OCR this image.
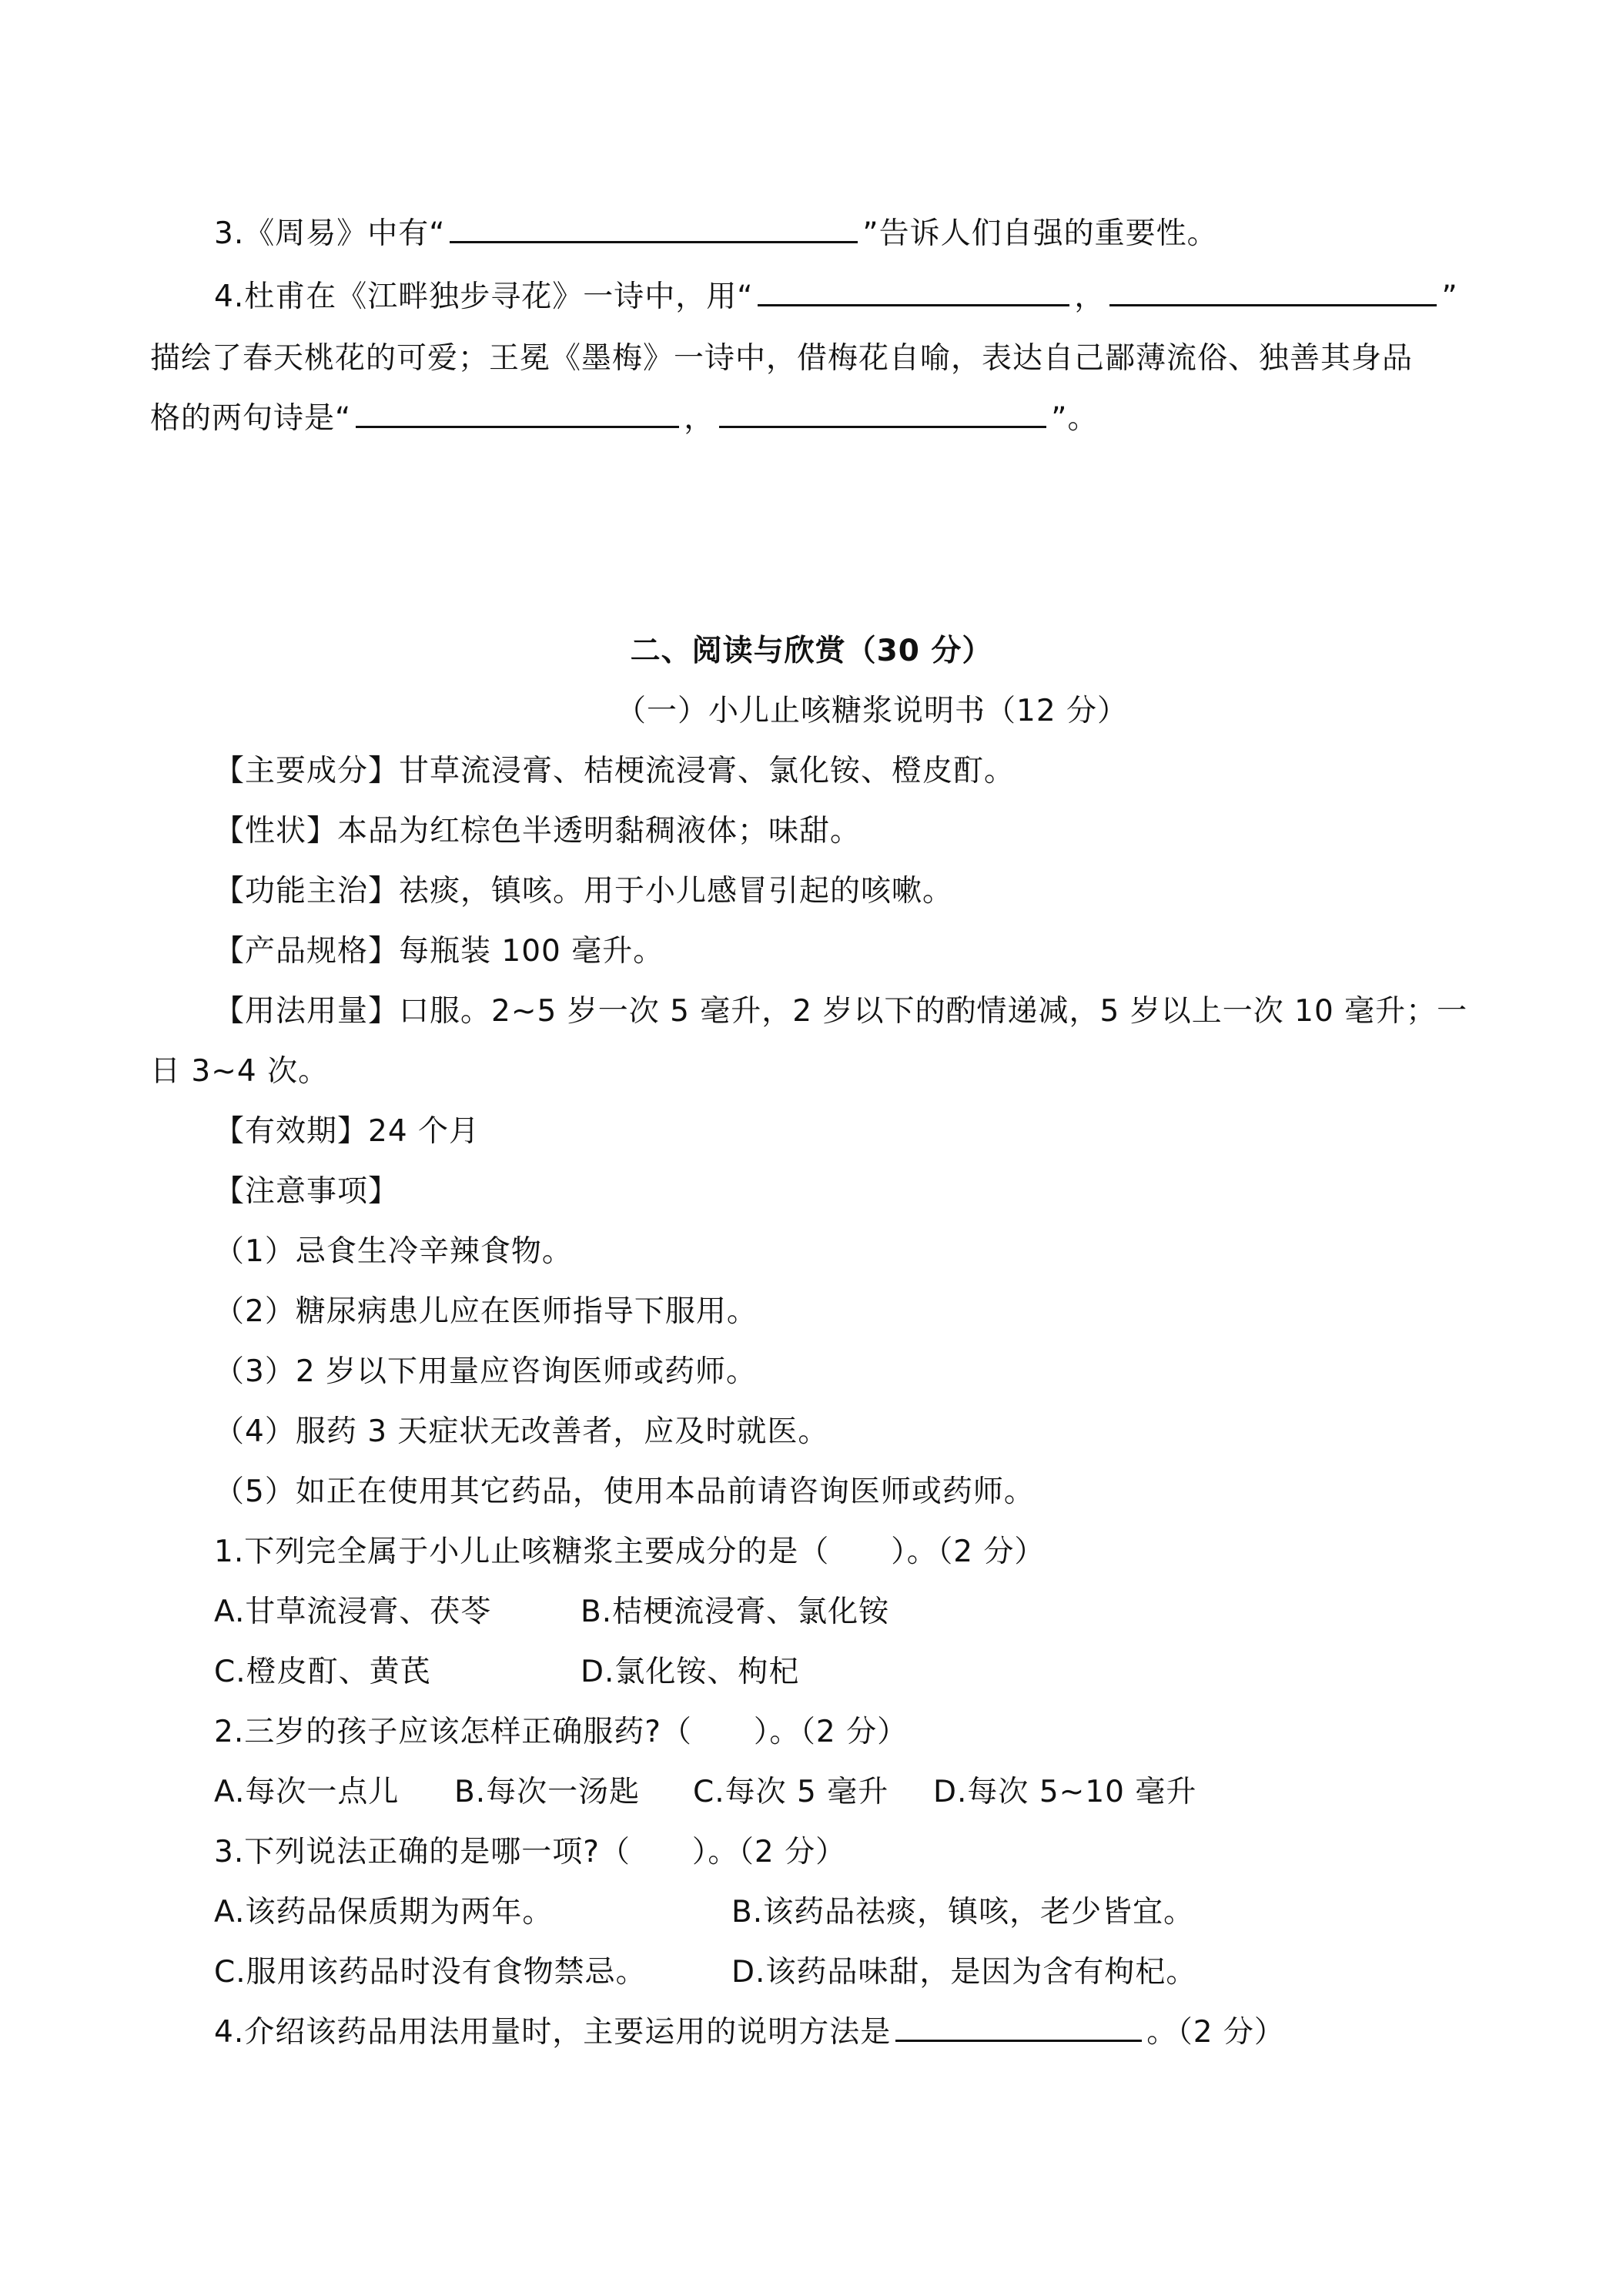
3.《周易》中有“	”告诉人们自强的重要性。
4.杜甫在《江畔独步寻花》一诗中，用“	，	”
描绘了春天桃花的可爱；王冕《墨梅》一诗中，借梅花自喻，表达自己鄙薄流俗、独善其身品
格的两句诗是“	，	”。
二、阅读与欣赏（30 分）
（一）小儿止咳糖浆说明书（12 分）
【主要成分】甘草流浸膏、桔梗流浸膏、氯化铵、橙皮酊。
【性状】本品为红棕色半透明黏稠液体；味甜。
【功能主治】祛痰，镇咳。用于小儿感冒引起的咳嗽。
【产品规格】每瓶装 100 毫升。
【用法用量】口服。2~5 岁一次 5 毫升，2 岁以下的酌情递减，5 岁以上一次 10 毫升；一
日 3~4 次。
【有效期】24 个月
【注意事项】
（1）忌食生冷辛辣食物。
（2）糖尿病患儿应在医师指导下服用。
（3）2 岁以下用量应咨询医师或药师。
（4）服药 3 天症状无改善者，应及时就医。
（5）如正在使用其它药品，使用本品前请咨询医师或药师。
1.下列完全属于小儿止咳糖浆主要成分的是（　　）。（2 分）
A.甘草流浸膏、茯苓	B.桔梗流浸膏、氯化铵
C.橙皮酊、黄芪	D.氯化铵、枸杞
2.三岁的孩子应该怎样正确服药?（　　）。（2 分）
A.每次一点儿 B.每次一汤匙 C.每次 5 毫升 D.每次 5~10 毫升
3.下列说法正确的是哪一项?（　　）。（2 分）
A.该药品保质期为两年。	B.该药品祛痰，镇咳，老少皆宜。
C.服用该药品时没有食物禁忌。	D.该药品味甜，是因为含有枸杞。
4.介绍该药品用法用量时，主要运用的说明方法是	。（2 分）
